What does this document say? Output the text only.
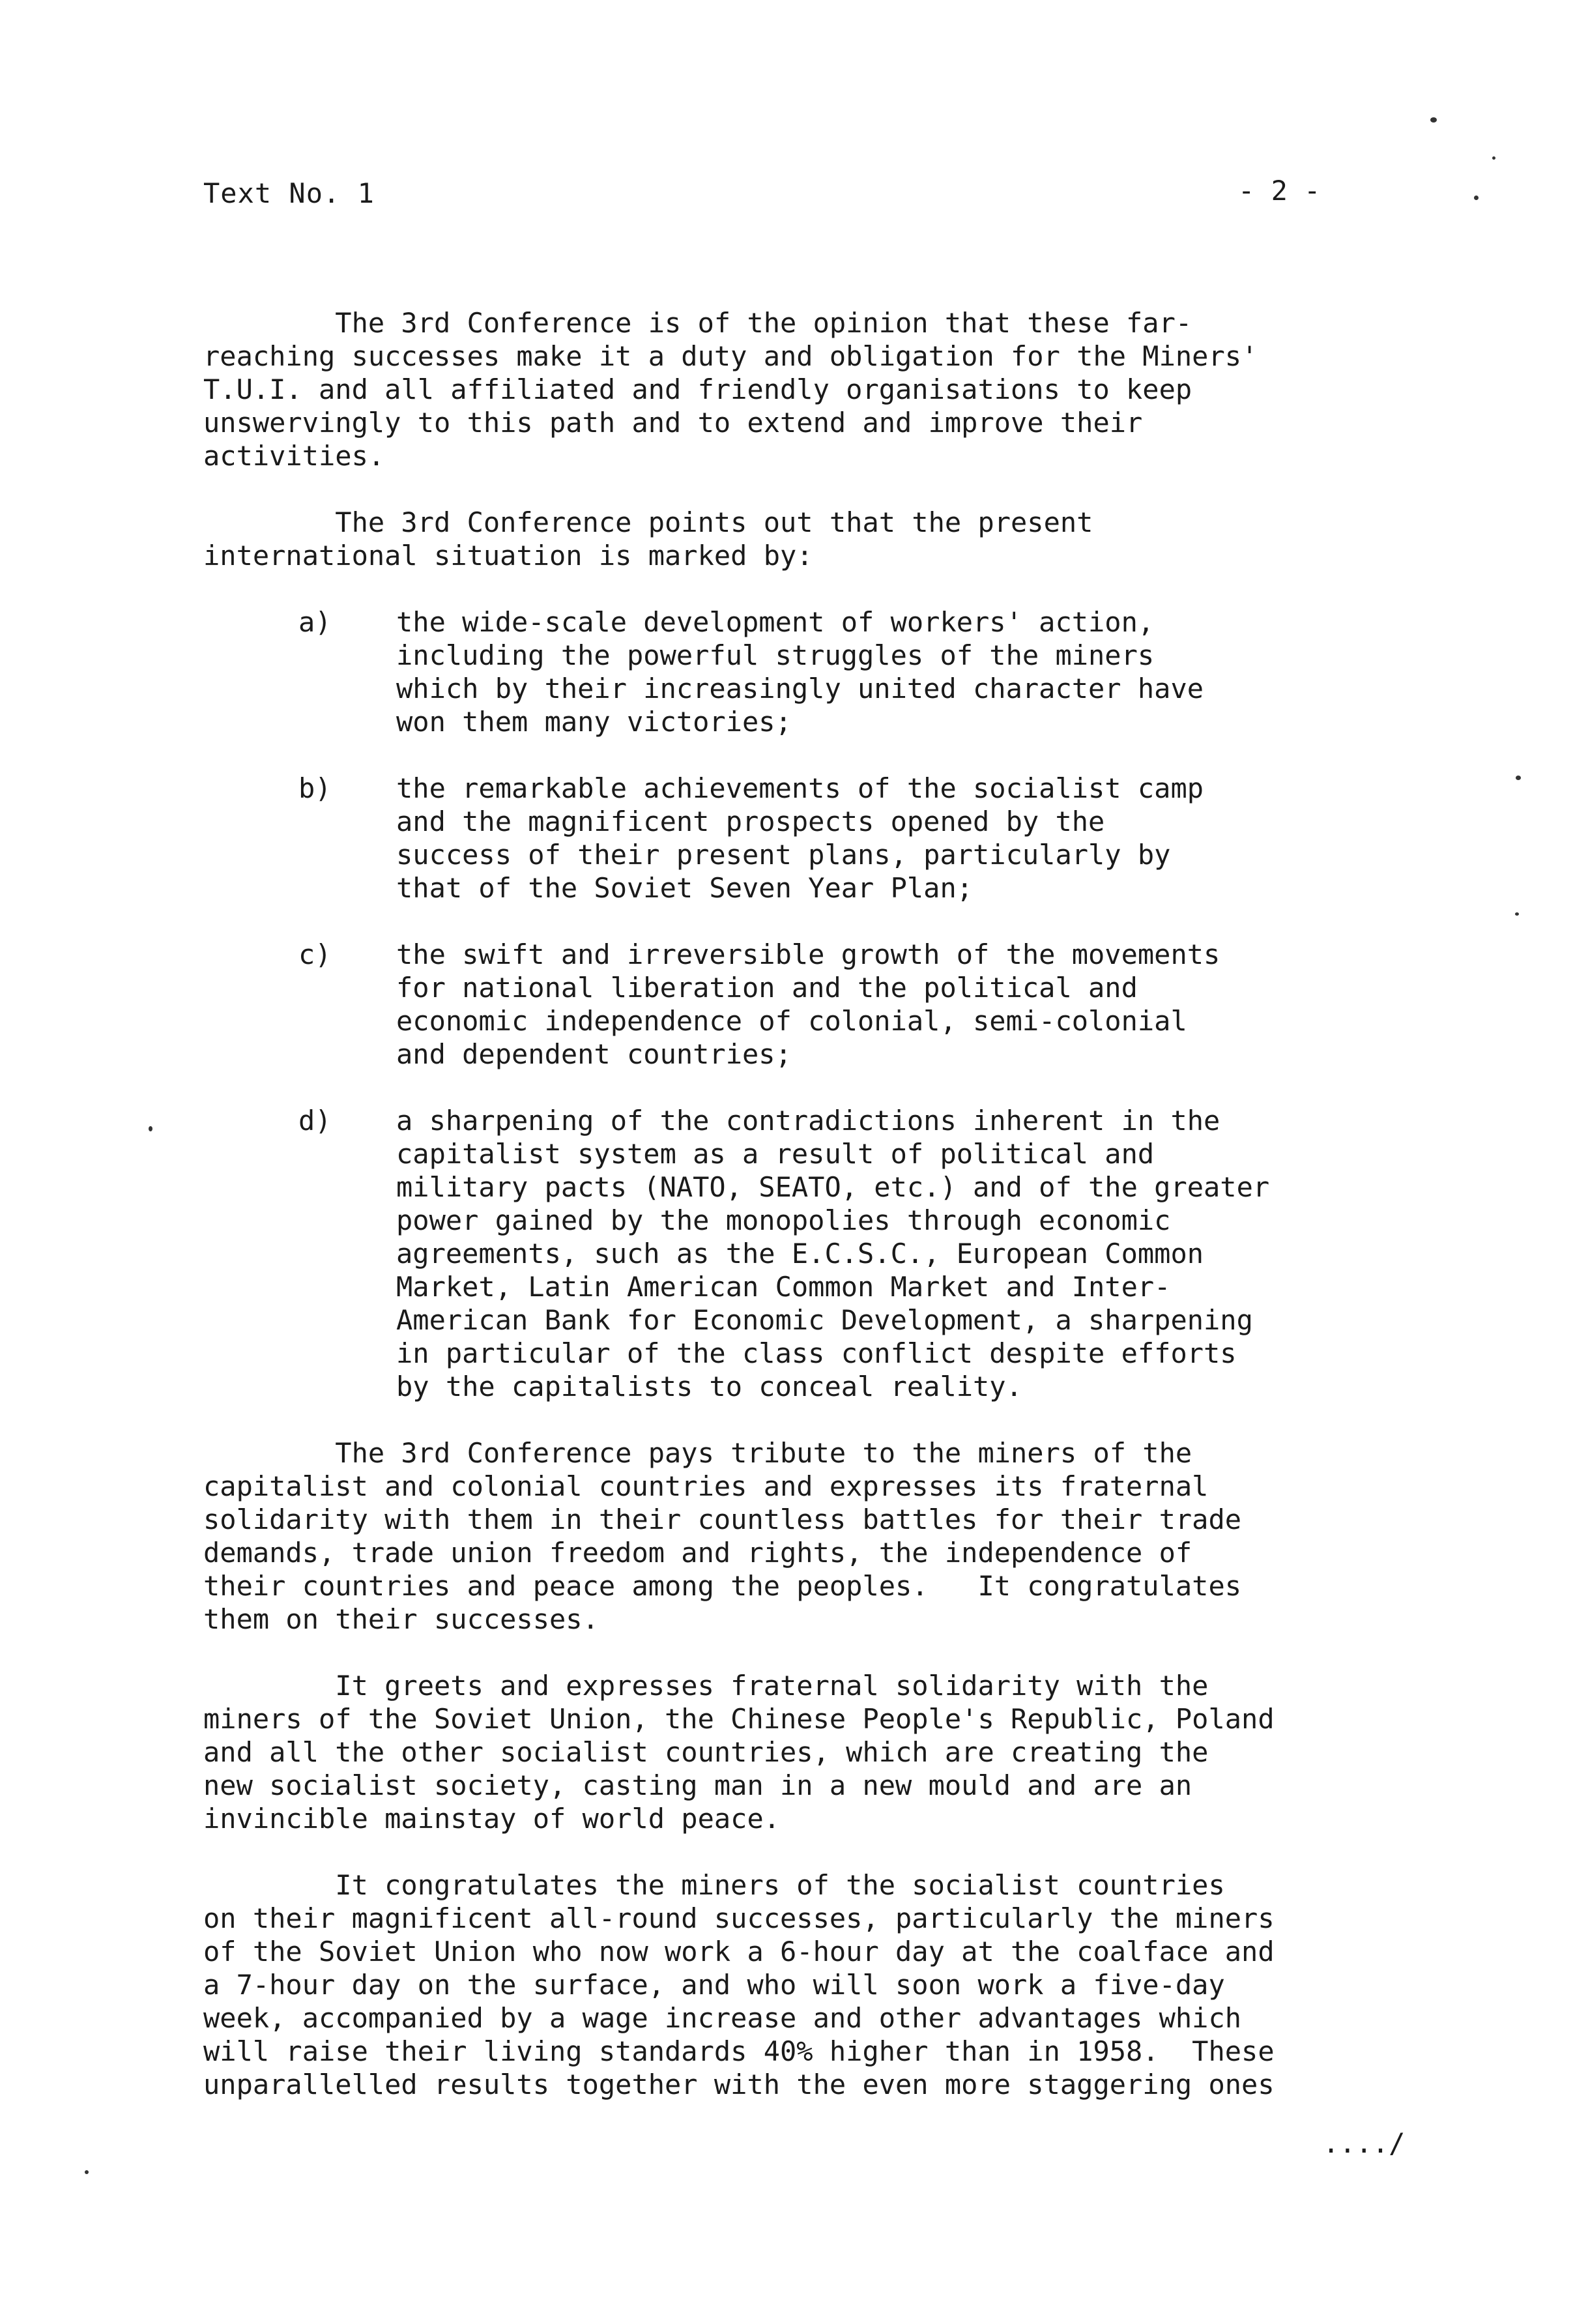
Text No. 1	- 2 -
The 3rd Conference is of the opinion that these far-
reaching successes make it a duty and obligation for the Miners'
T.U.I. and all affiliated and friendly organisations to keep
unswervingly to this path and to extend and improve their
activities.
The 3rd Conference points out that the present
international situation is marked by:
a) the wide-scale development of workers' action,
including the powerful struggles of the miners
which by their increasingly united character have
won them many victories;
b) the remarkable achievements of the socialist camp
and the magnificent prospects opened by the
success of their present plans, particularly by
that of the Soviet Seven Year Plan;
c) the swift and irreversible growth of the movements
for national liberation and the political and
economic independence of colonial, semi-colonial
and dependent countries;
d) a sharpening of the contradictions inherent in the
capitalist system as a result of political and
military pacts (NATO, SEATO, etc.) and of the greater
power gained by the monopolies through economic
agreements, such as the E.C.S.C., European Common
Market, Latin American Common Market and Inter-
American Bank for Economic Development, a sharpening
in particular of the class conflict despite efforts
by the capitalists to conceal reality.
The 3rd Conference pays tribute to the miners of the
capitalist and colonial countries and expresses its fraternal
solidarity with them in their countless battles for their trade
demands, trade union freedom and rights, the independence of
their countries and peace among the peoples.   It congratulates
them on their successes.
It greets and expresses fraternal solidarity with the
miners of the Soviet Union, the Chinese People's Republic, Poland
and all the other socialist countries, which are creating the
new socialist society, casting man in a new mould and are an
invincible mainstay of world peace.
It congratulates the miners of the socialist countries
on their magnificent all-round successes, particularly the miners
of the Soviet Union who now work a 6-hour day at the coalface and
a 7-hour day on the surface, and who will soon work a five-day
week, accompanied by a wage increase and other advantages which
will raise their living standards 40% higher than in 1958.  These
unparallelled results together with the even more staggering ones
..../
